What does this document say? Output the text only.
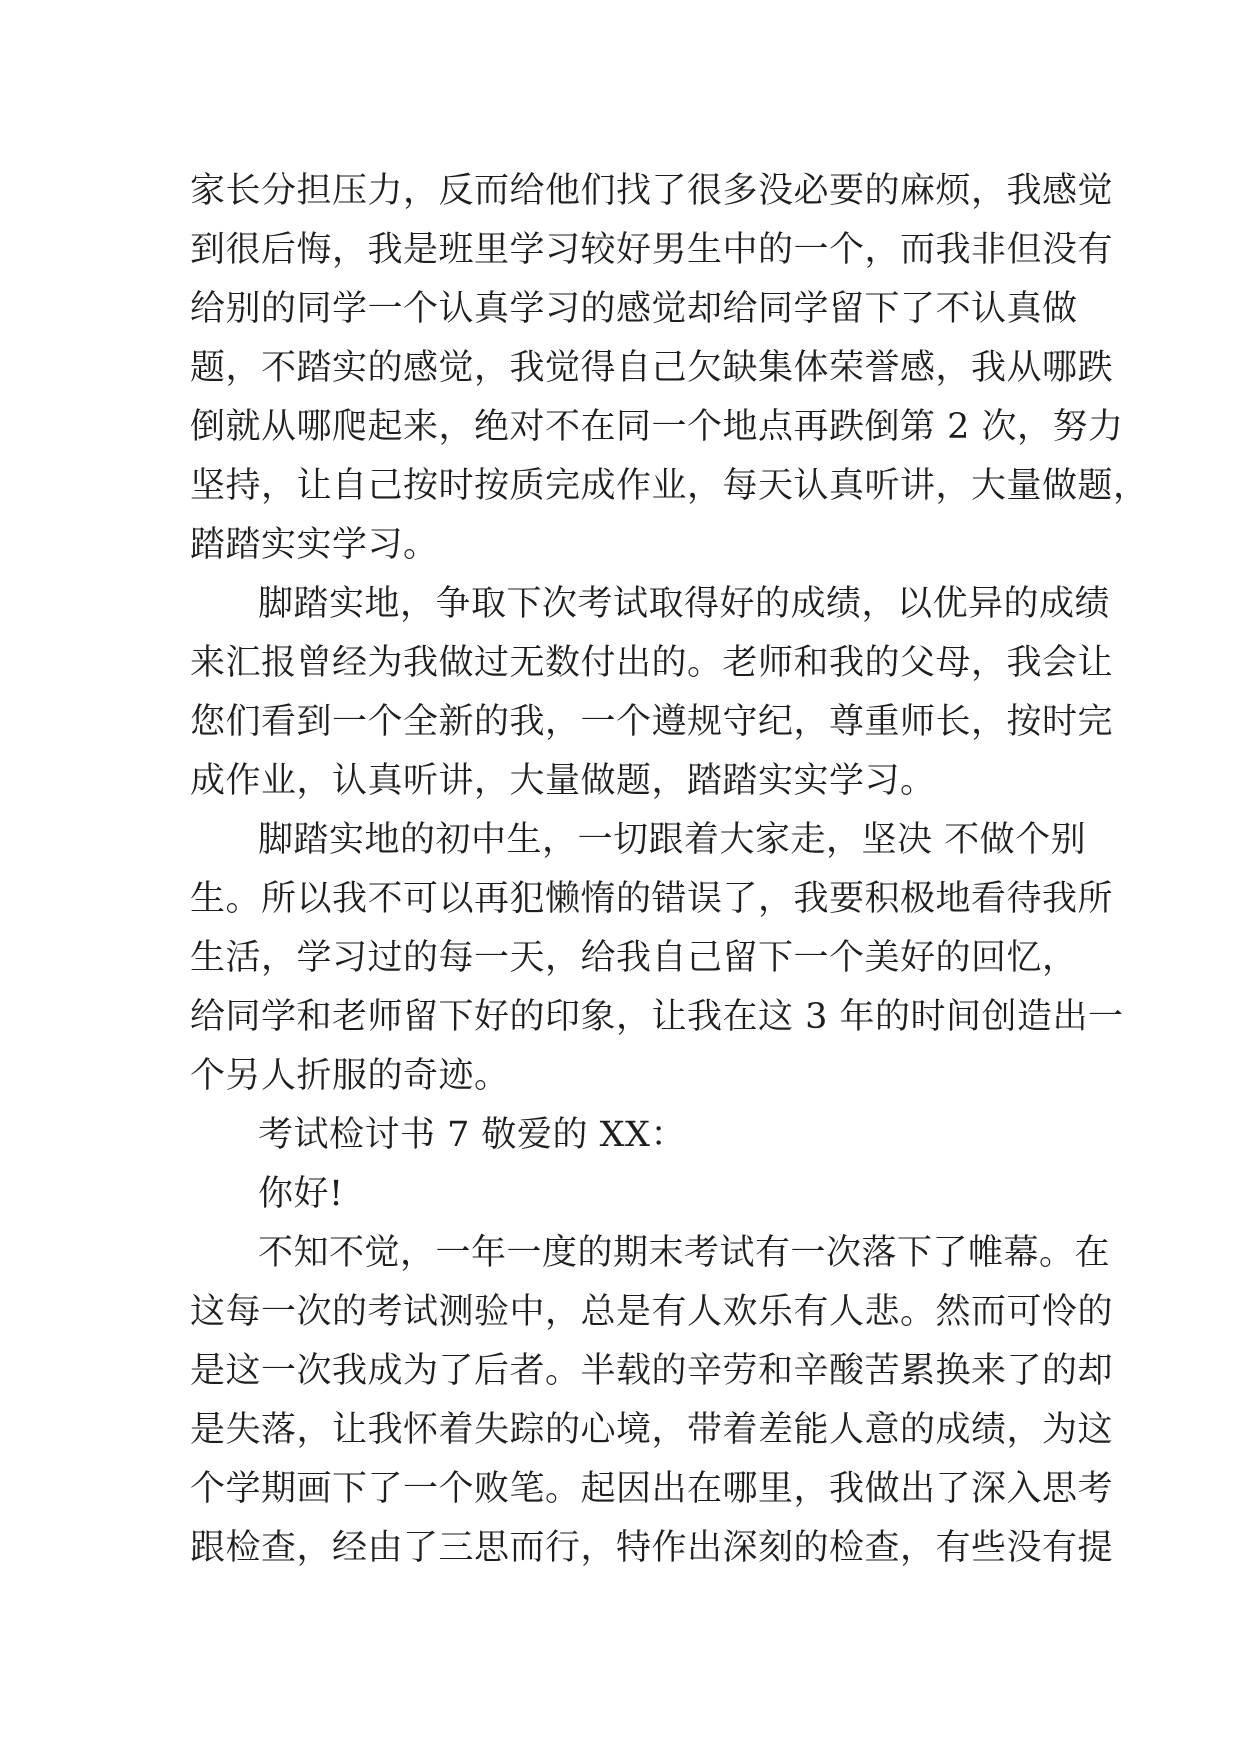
家长分担压力，反而给他们找了很多没必要的麻烦，我感觉
到很后悔，我是班里学习较好男生中的一个，而我非但没有
给别的同学一个认真学习的感觉却给同学留下了不认真做
题，不踏实的感觉，我觉得自己欠缺集体荣誉感，我从哪跌
倒就从哪爬起来，绝对不在同一个地点再跌倒第 2 次，努力
坚持，让自己按时按质完成作业，每天认真听讲，大量做题，
踏踏实实学习。
脚踏实地，争取下次考试取得好的成绩，以优异的成绩
来汇报曾经为我做过无数付出的。老师和我的父母，我会让
您们看到一个全新的我，一个遵规守纪，尊重师长，按时完
成作业，认真听讲，大量做题，踏踏实实学习。
脚踏实地的初中生，一切跟着大家走，坚决 不做个别
生。所以我不可以再犯懒惰的错误了，我要积极地看待我所
生活，学习过的每一天，给我自己留下一个美好的回忆，
给同学和老师留下好的印象，让我在这 3 年的时间创造出一
个另人折服的奇迹。
考试检讨书 7 敬爱的 XX：
你好!
不知不觉，一年一度的期末考试有一次落下了帷幕。在
这每一次的考试测验中，总是有人欢乐有人悲。然而可怜的
是这一次我成为了后者。半载的辛劳和辛酸苦累换来了的却
是失落，让我怀着失踪的心境，带着差能人意的成绩，为这
个学期画下了一个败笔。起因出在哪里，我做出了深入思考
跟检查，经由了三思而行，特作出深刻的检查，有些没有提
